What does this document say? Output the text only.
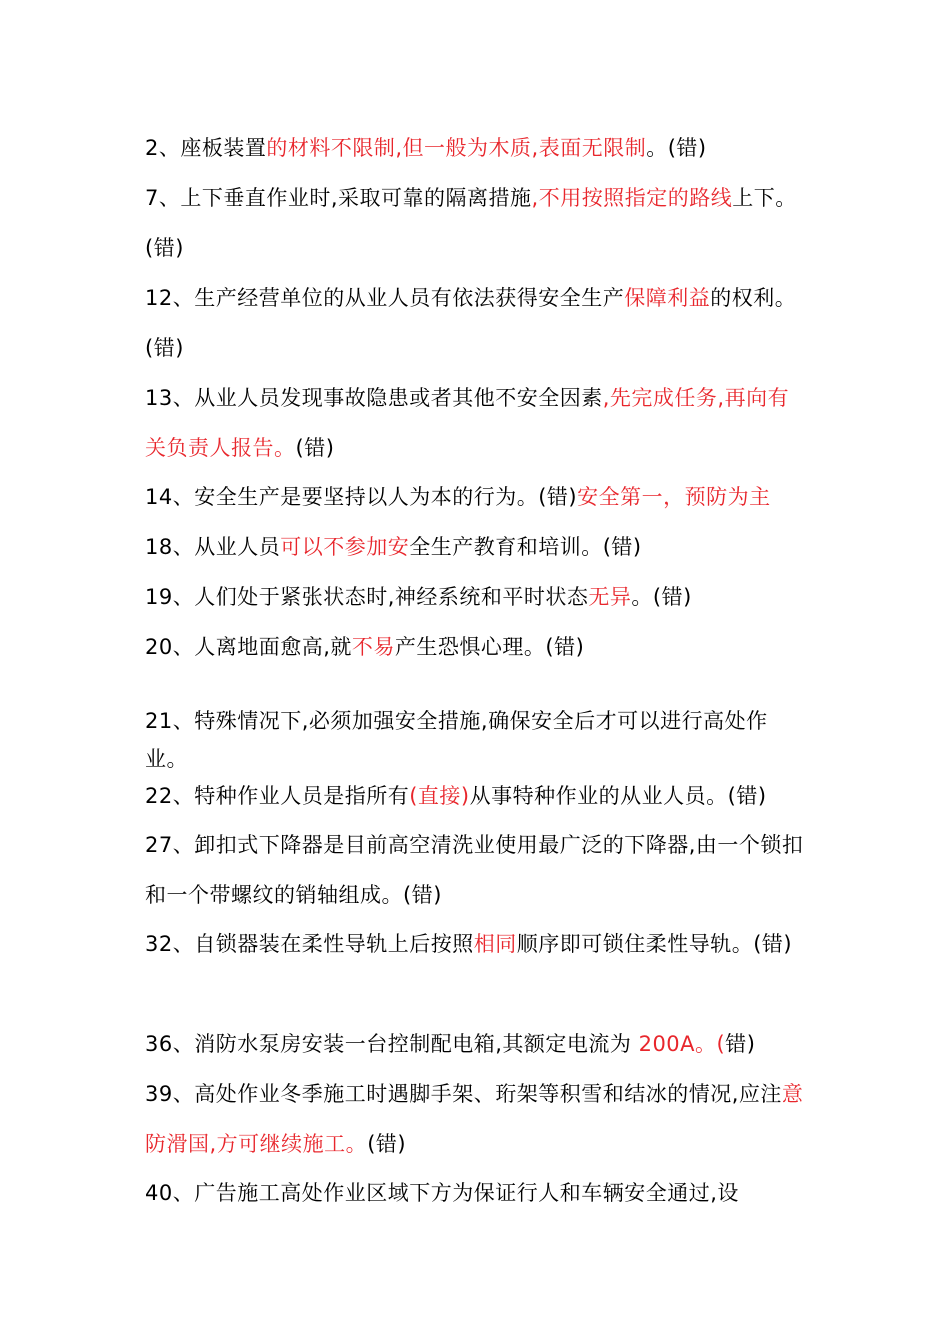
2、座板装置的材料不限制,但一般为木质,表面无限制。(错)
7、上下垂直作业时,采取可靠的隔离措施,不用按照指定的路线上下。(错)
12、生产经营单位的从业人员有依法获得安全生产保障利益的权利。(错)
13、从业人员发现事故隐患或者其他不安全因素,先完成任务,再向有关负责人报告。(错)
14、安全生产是要坚持以人为本的行为。(错)安全第一，预防为主
18、从业人员可以不参加安全生产教育和培训。(错)
19、人们处于紧张状态时,神经系统和平时状态无异。(错)
20、人离地面愈高,就不易产生恐惧心理。(错)
21、特殊情况下,必须加强安全措施,确保安全后才可以进行高处作业。
22、特种作业人员是指所有(直接)从事特种作业的从业人员。(错)
27、卸扣式下降器是目前高空清洗业使用最广泛的下降器,由一个锁扣和一个带螺纹的销轴组成。(错)
32、自锁器装在柔性导轨上后按照相同顺序即可锁住柔性导轨。(错)
36、消防水泵房安装一台控制配电箱,其额定电流为 200A。(错)
39、高处作业冬季施工时遇脚手架、珩架等积雪和结冰的情况,应注意防滑国,方可继续施工。(错)
40、广告施工高处作业区域下方为保证行人和车辆安全通过,设
